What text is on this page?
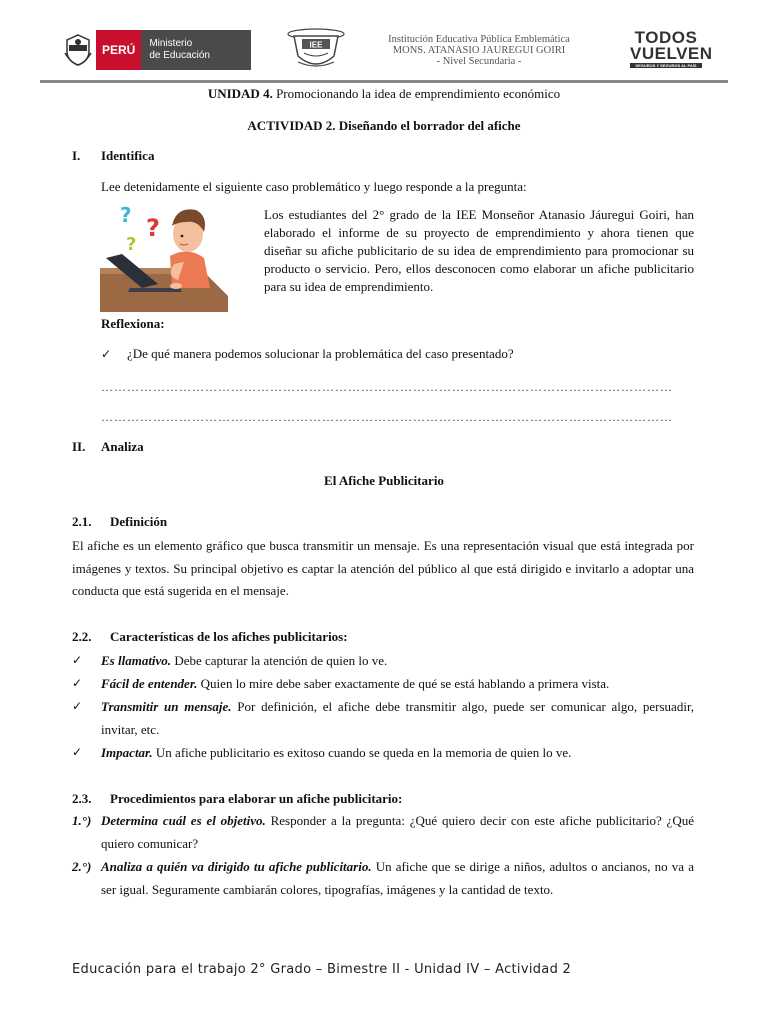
PERÚ	Ministerio
de Educación
IEE	Institución Educativa Pública Emblemática
MONS. ATANASIO JAUREGUI GOIRI
- Nivel Secundaria -
TODOS
VUELVEN
SEGUROS Y SEGUROS AL PAÍS
UNIDAD 4. Promocionando la idea de emprendimiento económico
ACTIVIDAD 2. Diseñando el borrador del afiche
I. Identifica
Lee detenidamente el siguiente caso problemático y luego responde a la pregunta:
? ?
?
Los estudiantes del 2° grado de la IEE Monseñor Atanasio Jáuregui Goiri, han elaborado el informe de su proyecto de emprendimiento y ahora tienen que diseñar su afiche publicitario de su idea de emprendimiento para promocionar su producto o servicio. Pero, ellos desconocen como elaborar un afiche publicitario para su idea de emprendimiento.
Reflexiona:
✓ ¿De qué manera podemos solucionar la problemática del caso presentado?
……………………………………………………………………………………………………………………
……………………………………………………………………………………………………………………
II. Analiza
El Afiche Publicitario
2.1. Definición
El afiche es un elemento gráfico que busca transmitir un mensaje. Es una representación visual que está integrada por imágenes y textos. Su principal objetivo es captar la atención del público al que está dirigido e invitarlo a adoptar una conducta que está sugerida en el mensaje.
2.2. Características de los afiches publicitarios:
✓ Es llamativo. Debe capturar la atención de quien lo ve.
✓ Fácil de entender. Quien lo mire debe saber exactamente de qué se está hablando a primera vista.
✓ Transmitir un mensaje. Por definición, el afiche debe transmitir algo, puede ser comunicar algo, persuadir, invitar, etc.
✓ Impactar. Un afiche publicitario es exitoso cuando se queda en la memoria de quien lo ve.
2.3. Procedimientos para elaborar un afiche publicitario:
1.°) Determina cuál es el objetivo. Responder a la pregunta: ¿Qué quiero decir con este afiche publicitario? ¿Qué quiero comunicar?
2.°) Analiza a quién va dirigido tu afiche publicitario. Un afiche que se dirige a niños, adultos o ancianos, no va a ser igual. Seguramente cambiarán colores, tipografías, imágenes y la cantidad de texto.
Educación para el trabajo 2° Grado – Bimestre II - Unidad IV – Actividad 2
